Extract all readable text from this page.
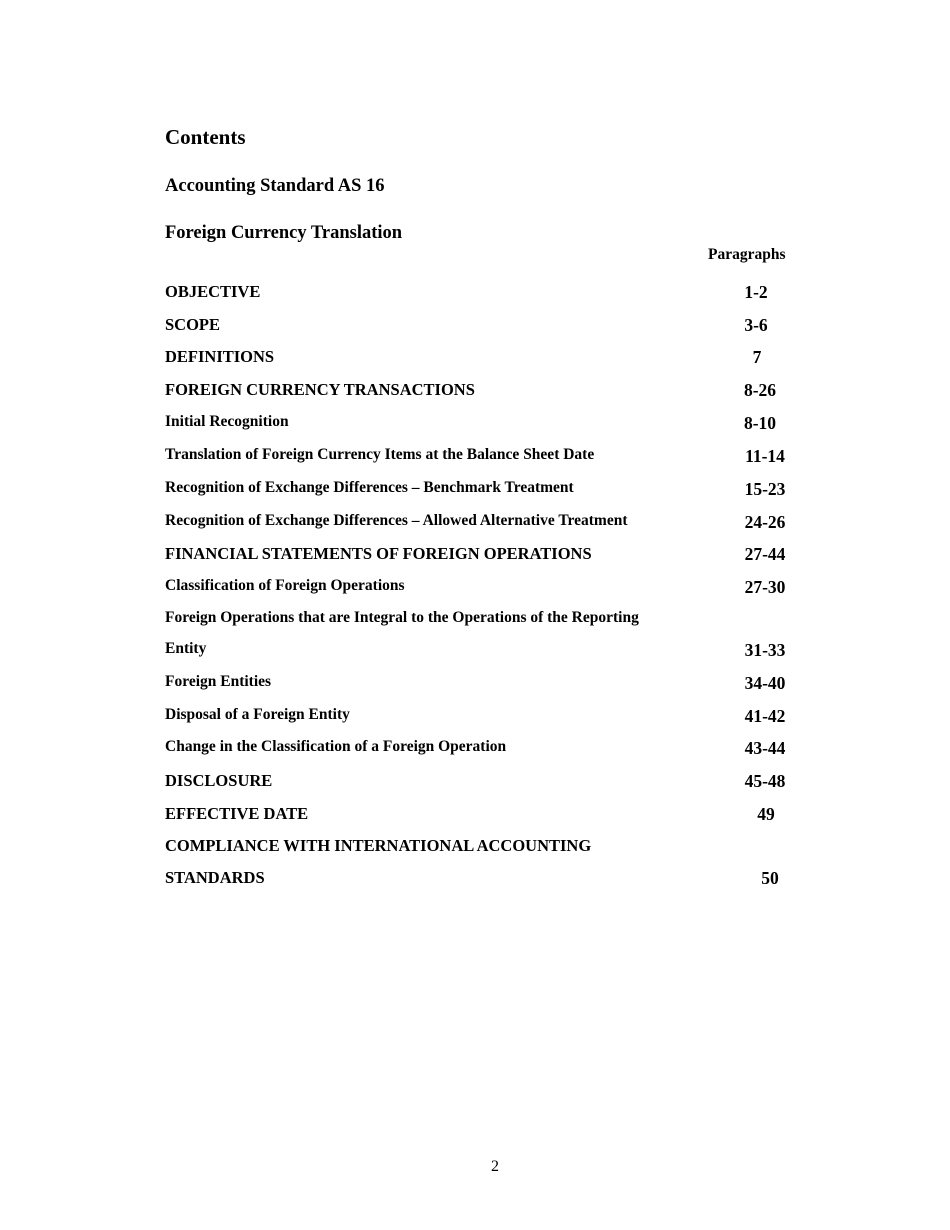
Contents
Accounting Standard AS 16
Foreign Currency Translation
Paragraphs
OBJECTIVE	1-2
SCOPE	3-6
DEFINITIONS	7
FOREIGN CURRENCY TRANSACTIONS	8-26
Initial Recognition	8-10
Translation of Foreign Currency Items at the Balance Sheet Date	11-14
Recognition of Exchange Differences – Benchmark Treatment	15-23
Recognition of Exchange Differences – Allowed Alternative Treatment	24-26
FINANCIAL STATEMENTS OF FOREIGN OPERATIONS	27-44
Classification of Foreign Operations	27-30
Foreign Operations that are Integral to the Operations of the Reporting
Entity	31-33
Foreign Entities	34-40
Disposal of a Foreign Entity	41-42
Change in the Classification of a Foreign Operation	43-44
DISCLOSURE	45-48
EFFECTIVE DATE	49
COMPLIANCE WITH INTERNATIONAL ACCOUNTING
STANDARDS	50
2
